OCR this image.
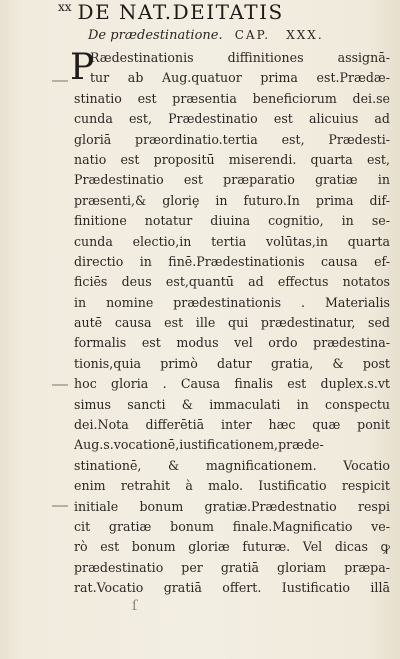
$^{xx}$ DE NAT.DEITATIS
De prædestinatione. CAP. XXX.
P
Rædestinationis diffinitiones assignā-
tur ab Aug.quatuor prima est.Prædæ-
stinatio est præsentia beneficiorum dei.se
cunda est, Prædestinatio est alicuius ad
gloriā præordinatio.tertia est, Prædesti-
natio est propositū miserendi. quarta est,
Prædestinatio est præparatio gratiæ in
præsenti,& gloriȩ in futuro.In prima dif-
finitione notatur diuina cognitio, in se-
cunda electio,in tertia volūtas,in quarta
directio in finē.Prædestinationis causa ef-
ficiēs deus est,quantū ad effectus notatos
in nomine prædestinationis . Materialis
autē causa est ille qui prædestinatur, sed
formalis est modus vel ordo prædestina-
tionis,quia primò datur gratia, & post
hoc gloria . Causa finalis est duplex.s.vt
simus sancti & immaculati in conspectu
dei.Nota differētiā inter hæc quæ ponit
Aug.s.vocationē,iustificationem,præde-
stinationē, & magnificationem. Vocatio
enim retrahit à malo. Iustificatio respicit
initiale bonum gratiæ.Prædestnatio respi
cit gratiæ bonum finale.Magnificatio ve-
rò est bonum gloriæ futuræ. Vel dicas ꝙ
prædestinatio per gratiā gloriam præpa-
rat.Vocatio gratiā offert. Iustificatio illā
ſ
